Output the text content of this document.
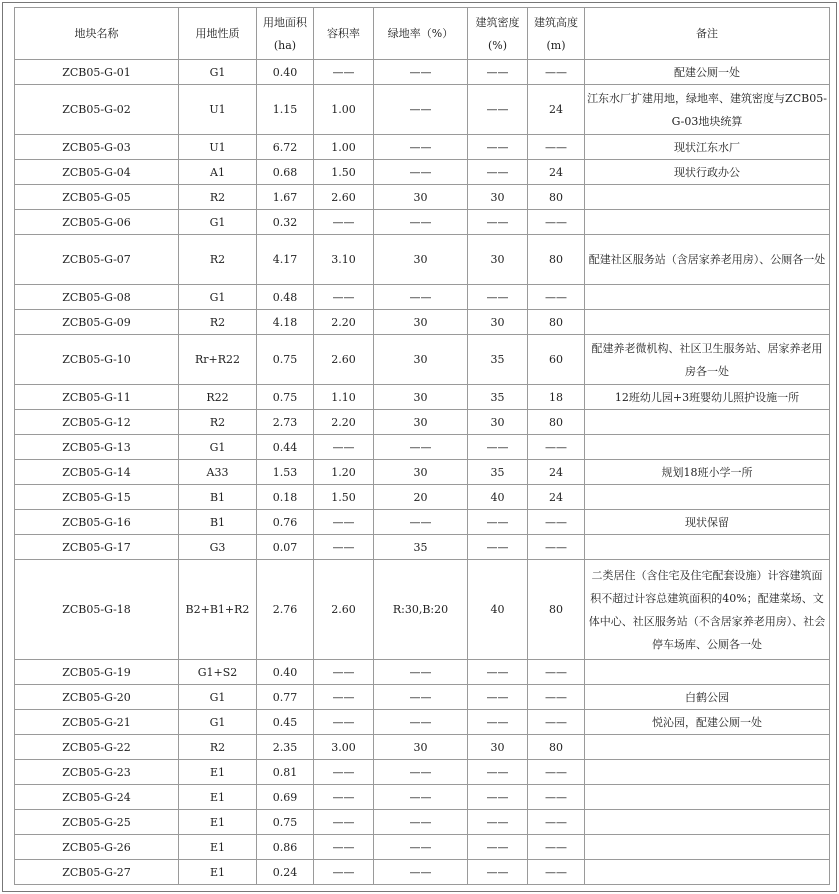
地块名称	用地性质	用地面积(ha)	容积率	绿地率（%）	建筑密度(%)	建筑高度(m)	备注
ZCB05-G-01	G1	0.40	——	——	——	——	配建公厕一处
ZCB05-G-02	U1	1.15	1.00	——	——	24	江东水厂扩建用地，绿地率、建筑密度与ZCB05-G-03地块统算
ZCB05-G-03	U1	6.72	1.00	——	——	——	现状江东水厂
ZCB05-G-04	A1	0.68	1.50	——	——	24	现状行政办公
ZCB05-G-05	R2	1.67	2.60	30	30	80	
ZCB05-G-06	G1	0.32	——	——	——	——	
ZCB05-G-07	R2	4.17	3.10	30	30	80	配建社区服务站（含居家养老用房）、公厕各一处
ZCB05-G-08	G1	0.48	——	——	——	——	
ZCB05-G-09	R2	4.18	2.20	30	30	80	
ZCB05-G-10	Rr+R22	0.75	2.60	30	35	60	配建养老微机构、社区卫生服务站、居家养老用房各一处
ZCB05-G-11	R22	0.75	1.10	30	35	18	12班幼儿园+3班婴幼儿照护设施一所
ZCB05-G-12	R2	2.73	2.20	30	30	80	
ZCB05-G-13	G1	0.44	——	——	——	——	
ZCB05-G-14	A33	1.53	1.20	30	35	24	规划18班小学一所
ZCB05-G-15	B1	0.18	1.50	20	40	24	
ZCB05-G-16	B1	0.76	——	——	——	——	现状保留
ZCB05-G-17	G3	0.07	——	35	——	——	
ZCB05-G-18	B2+B1+R2	2.76	2.60	R:30,B:20	40	80	二类居住（含住宅及住宅配套设施）计容建筑面积不超过计容总建筑面积的40%；配建菜场、文体中心、社区服务站（不含居家养老用房）、社会停车场库、公厕各一处
ZCB05-G-19	G1+S2	0.40	——	——	——	——	
ZCB05-G-20	G1	0.77	——	——	——	——	白鹤公园
ZCB05-G-21	G1	0.45	——	——	——	——	悦沁园，配建公厕一处
ZCB05-G-22	R2	2.35	3.00	30	30	80	
ZCB05-G-23	E1	0.81	——	——	——	——	
ZCB05-G-24	E1	0.69	——	——	——	——	
ZCB05-G-25	E1	0.75	——	——	——	——	
ZCB05-G-26	E1	0.86	——	——	——	——	
ZCB05-G-27	E1	0.24	——	——	——	——	
